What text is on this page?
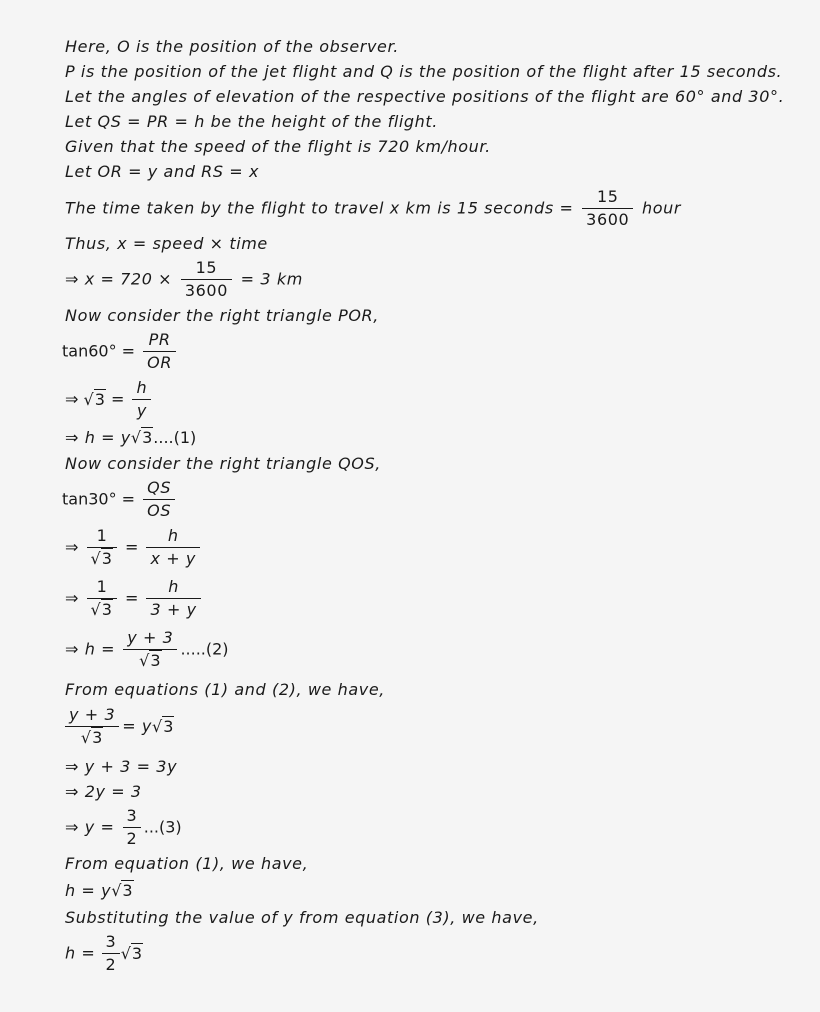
Here, O is the position of the observer.
P is the position of the jet flight and Q is the position of the flight after 15 seconds.
Let the angles of elevation of the respective positions of the flight are 60° and 30°.
Let QS = PR = h be the height of the flight.
Given that the speed of the flight is 720 km/hour.
Let OR = y and RS = x
The time taken by the flight to travel x km is 15 seconds = $\frac{15}{3600}$ hour
Thus, x = speed × time
⇒ $x = 720 \times \frac{15}{3600} = 3$ km
Now consider the right triangle POR,
$\tan 60^\circ = \frac{PR}{OR}$
⇒ $√3 = \frac{h}{y}$
⇒ h = y√3....(1)
Now consider the right triangle QOS,
$\tan 30^\circ = \frac{QS}{OS}$
⇒ $\frac{1}{√3} = \frac{h}{x + y}$
⇒ $\frac{1}{√3} = \frac{h}{3 + y}$
⇒ $h = \frac{y + 3}{√3} .....(2)$
From equations (1) and (2), we have,
$\frac{y + 3}{√3} = y√3$
⇒ y + 3 = 3y
⇒ 2y = 3
⇒ $y = \frac{3}{2} ...(3)$
From equation (1), we have,
h = y√3
Substituting the value of y from equation (3), we have,
$h = \frac{3}{2} √3$
